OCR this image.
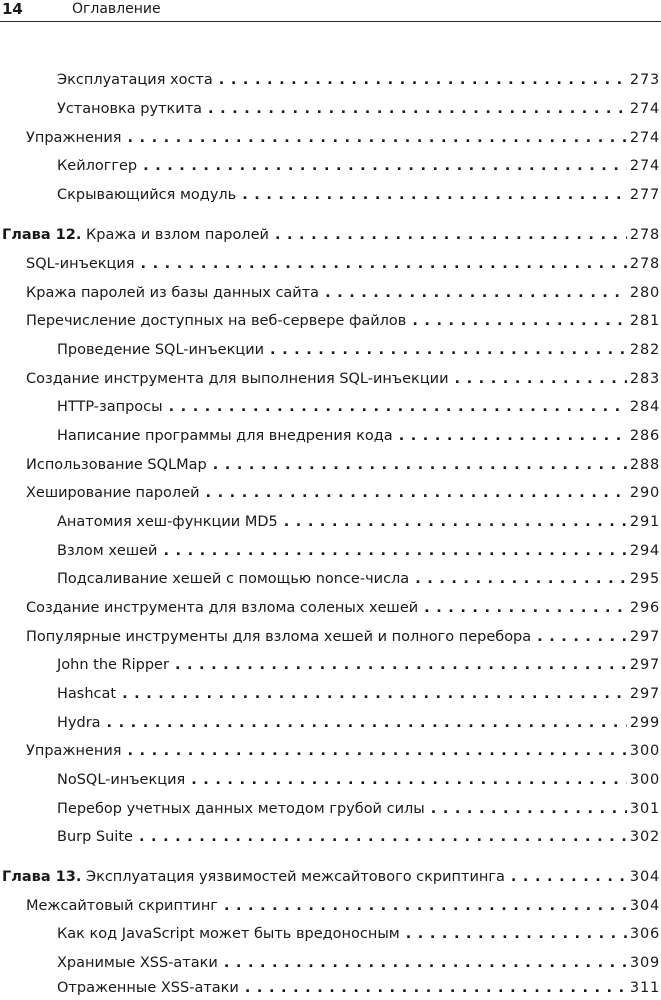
14	Оглавление
Эксплуатация хоста . . .	273
Установка руткита . . .	274
Упражнения . . .	274
Кейлоггер . . .	274
Скрывающийся модуль . . .	277
Глава 12. Кража и взлом паролей . . .	278
SQL-инъекция . . .	278
Кража паролей из базы данных сайта . . .	280
Перечисление доступных на веб-сервере файлов . . .	281
Проведение SQL-инъекции . . .	282
Создание инструмента для выполнения SQL-инъекции . . .	283
HTTP-запросы . . .	284
Написание программы для внедрения кода . . .	286
Использование SQLMap . . .	288
Хеширование паролей . . .	290
Анатомия хеш-функции MD5 . . .	291
Взлом хешей . . .	294
Подсаливание хешей с помощью nonce-числа . . .	295
Создание инструмента для взлома соленых хешей . . .	296
Популярные инструменты для взлома хешей и полного перебора . . .	297
John the Ripper . . .	297
Hashcat . . .	297
Hydra . . .	299
Упражнения . . .	300
NoSQL-инъекция . . .	300
Перебор учетных данных методом грубой силы . . .	301
Burp Suite . . .	302
Глава 13. Эксплуатация уязвимостей межсайтового скриптинга . . .	304
Межсайтовый скриптинг . . .	304
Как код JavaScript может быть вредоносным . . .	306
Хранимые XSS-атаки . . .	309
Отраженные XSS-атаки . . .	311
